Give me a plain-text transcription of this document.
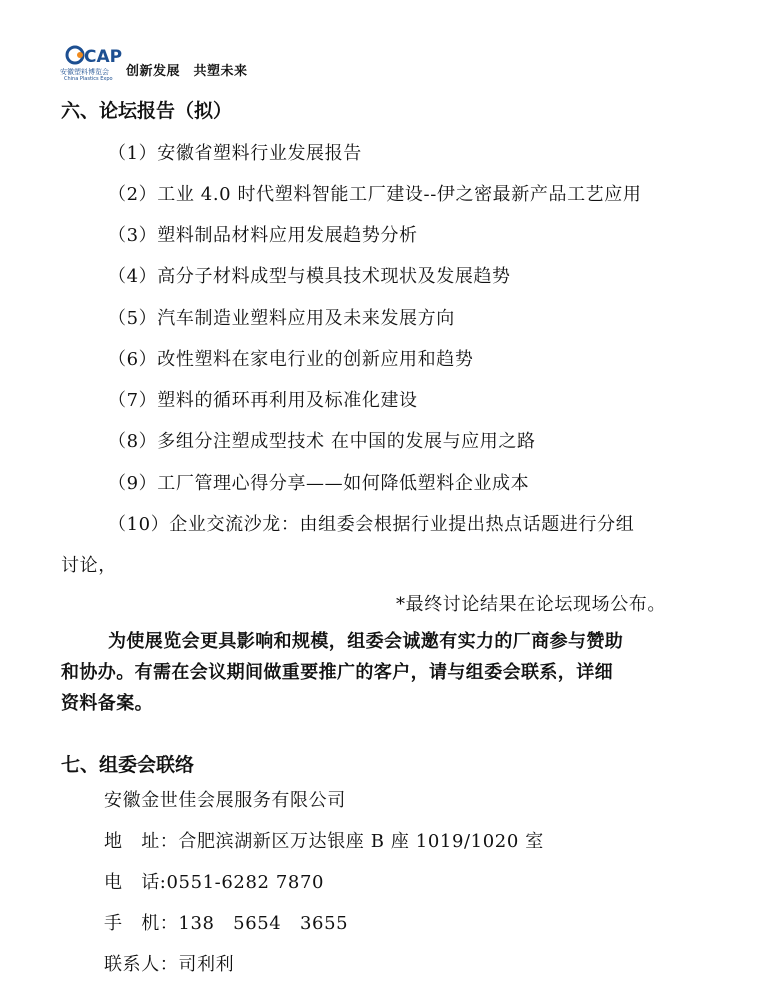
CAP
安徽塑料博览会
China Plastics Expo 创新发展　共塑未来
六、论坛报告（拟）
（1）安徽省塑料行业发展报告
（2）工业 4.0 时代塑料智能工厂建设--伊之密最新产品工艺应用
（3）塑料制品材料应用发展趋势分析
（4）高分子材料成型与模具技术现状及发展趋势
（5）汽车制造业塑料应用及未来发展方向
（6）改性塑料在家电行业的创新应用和趋势
（7）塑料的循环再利用及标准化建设
（8）多组分注塑成型技术 在中国的发展与应用之路
（9）工厂管理心得分享——如何降低塑料企业成本
（10）企业交流沙龙：由组委会根据行业提出热点话题进行分组
讨论，
*最终讨论结果在论坛现场公布。
为使展览会更具影响和规模，组委会诚邀有实力的厂商参与赞助
和协办。有需在会议期间做重要推广的客户，请与组委会联系，详细
资料备案。
七、组委会联络
安徽金世佳会展服务有限公司
地　址：合肥滨湖新区万达银座 B 座 1019/1020 室
电　话:0551-6282 7870
手　机：138　5654　3655
联系人：司利利
